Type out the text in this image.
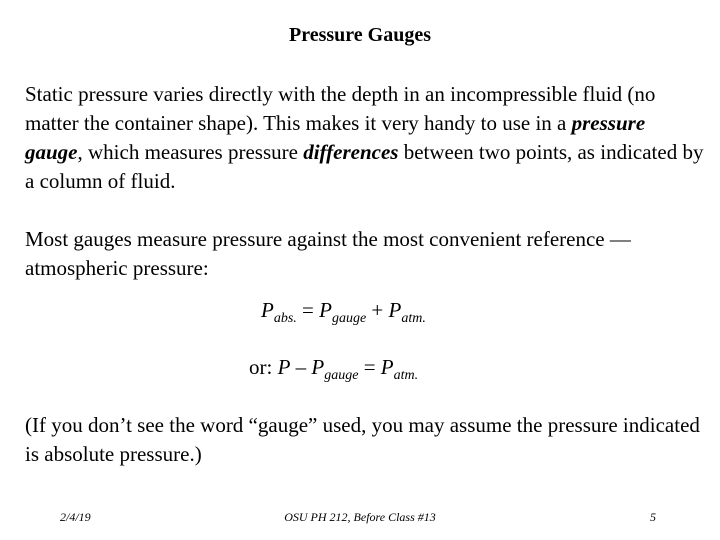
Pressure Gauges
Static pressure varies directly with the depth in an incompressible fluid (no matter the container shape). This makes it very handy to use in a pressure gauge, which measures pressure differences between two points, as indicated by a column of fluid.
Most gauges measure pressure against the most convenient reference —atmospheric pressure:
$P_{abs.} = P_{gauge} + P_{atm.}$
or: $P - P_{gauge} = P_{atm.}$
(If you don’t see the word “gauge” used, you may assume the pressure indicated is absolute pressure.)
2/4/19	OSU PH 212, Before Class #13	5
